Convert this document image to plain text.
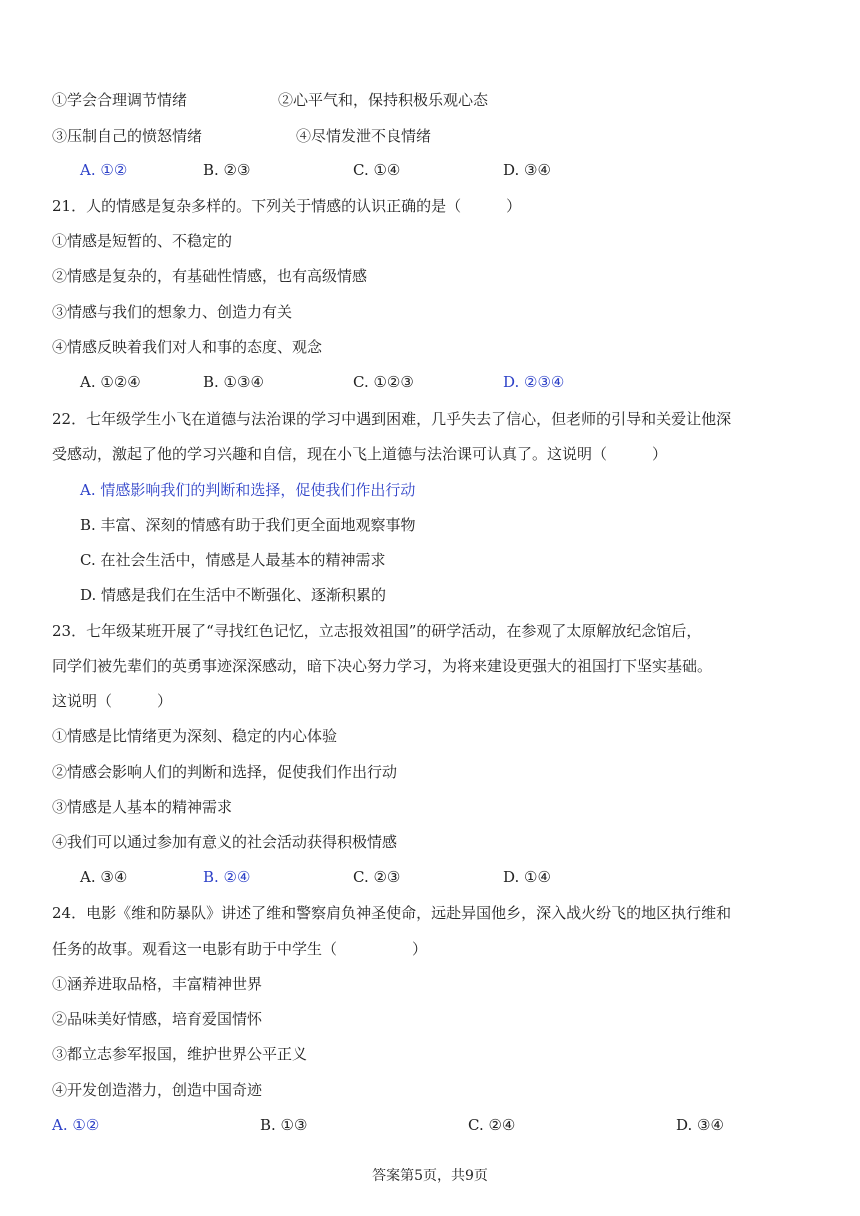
①学会合理调节情绪	②心平气和，保持积极乐观心态
③压制自己的愤怒情绪	④尽情发泄不良情绪
A. ①②	B. ②③	C. ①④	D. ③④
21．人的情感是复杂多样的。下列关于情感的认识正确的是（　　　）
①情感是短暂的、不稳定的
②情感是复杂的，有基础性情感，也有高级情感
③情感与我们的想象力、创造力有关
④情感反映着我们对人和事的态度、观念
A. ①②④	B. ①③④	C. ①②③	D. ②③④
22．七年级学生小飞在道德与法治课的学习中遇到困难，几乎失去了信心，但老师的引导和关爱让他深
受感动，激起了他的学习兴趣和自信，现在小飞上道德与法治课可认真了。这说明（　　　）
A. 情感影响我们的判断和选择，促使我们作出行动
B. 丰富、深刻的情感有助于我们更全面地观察事物
C. 在社会生活中，情感是人最基本的精神需求
D. 情感是我们在生活中不断强化、逐渐积累的
23．七年级某班开展了“寻找红色记忆，立志报效祖国”的研学活动，在参观了太原解放纪念馆后，
同学们被先辈们的英勇事迹深深感动，暗下决心努力学习，为将来建设更强大的祖国打下坚实基础。
这说明（　　　）
①情感是比情绪更为深刻、稳定的内心体验
②情感会影响人们的判断和选择，促使我们作出行动
③情感是人基本的精神需求
④我们可以通过参加有意义的社会活动获得积极情感
A. ③④	B. ②④	C. ②③	D. ①④
24．电影《维和防暴队》讲述了维和警察肩负神圣使命，远赴异国他乡，深入战火纷飞的地区执行维和
任务的故事。观看这一电影有助于中学生（　　　　　）
①涵养进取品格，丰富精神世界
②品味美好情感，培育爱国情怀
③都立志参军报国，维护世界公平正义
④开发创造潜力，创造中国奇迹
A. ①②	B. ①③	C. ②④	D. ③④
答案第5页，共9页
